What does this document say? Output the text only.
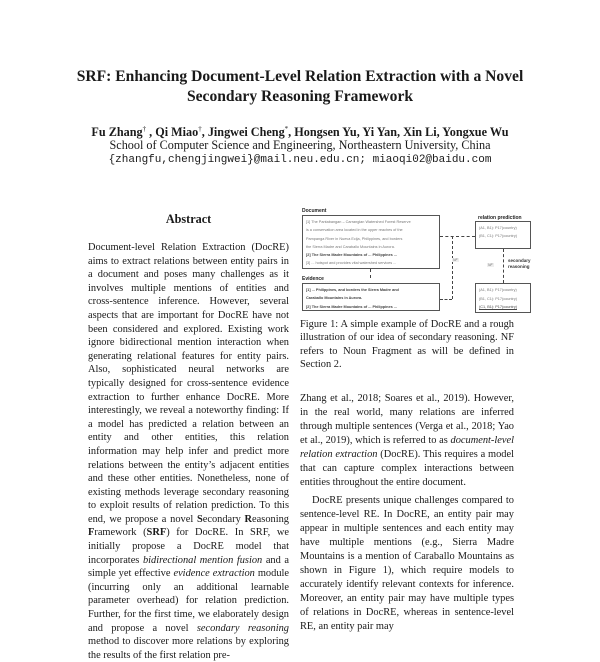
SRF: Enhancing Document-Level Relation Extraction with a Novel
Secondary Reasoning Framework
Fu Zhang† , Qi Miao†, Jingwei Cheng*, Hongsen Yu, Yi Yan, Xin Li, Yongxue Wu
School of Computer Science and Engineering, Northeastern University, China
{zhangfu,chengjingwei}@mail.neu.edu.cn; miaoqi02@baidu.com
Abstract
Document-level Relation Extraction (DocRE) aims to extract relations between entity pairs in a document and poses many challenges as it involves multiple mentions of entities and cross-sentence inference. However, several aspects that are important for DocRE have not been considered and explored. Existing work ignore bidirectional mention interaction when generating relational features for entity pairs. Also, sophisticated neural networks are typically designed for cross-sentence evidence extraction to further enhance DocRE. More interestingly, we reveal a noteworthy finding: If a model has predicted a relation between an entity and other entities, this relation information may help infer and predict more relations between the entity’s adjacent entities and these other entities. Nonetheless, none of existing methods leverage secondary reasoning to exploit results of relation prediction. To this end, we propose a novel Secondary Reasoning Framework (SRF) for DocRE. In SRF, we initially propose a DocRE model that incorporates bidirectional mention fusion and a simple yet effective evidence extraction module (incurring only an additional learnable parameter overhead) for relation prediction. Further, for the first time, we elaborately design and propose a novel secondary reasoning method to discover more relations by exploring the results of the first relation pre-
Document
[1] The Pantabangan – Carranglan Watershed Forest Reserve
is a conservation area located in the upper reaches of the
Pampanga River in Nueva Ecija, Philippines, and borders
the Sierra Madre and Caraballo Mountains in Aurora.
[2] The Sierra Madre Mountains of ... Philippines ...
[3] ... hotspot and provides vital watershed services ...
Evidence
[1] ... Philippines, and borders the Sierra Madre and
Caraballo Mountains in Aurora.
[2] The Sierra Madre Mountains of ... Philippines ...
NF
relation prediction
(A1, B1): P17(country)
(B1, C1): P17(country)
NF
secondary
reasoning
(A1, B1): P17(country)
(B1, C1): P17(country)
(C1, B1): P17(country)
Figure 1: A simple example of DocRE and a rough illustration of our idea of secondary reasoning. NF refers to Noun Fragment as will be defined in Section 2.
Zhang et al., 2018; Soares et al., 2019). However, in the real world, many relations are inferred through multiple sentences (Verga et al., 2018; Yao et al., 2019), which is referred to as document-level relation extraction (DocRE). This requires a model that can capture complex interactions between entities throughout the entire document.
DocRE presents unique challenges compared to sentence-level RE. In DocRE, an entity pair may appear in multiple sentences and each entity may have multiple mentions (e.g., Sierra Madre Mountains is a mention of Caraballo Mountains as shown in Figure 1), which require models to accurately identify relevant contexts for inference. Moreover, an entity pair may have multiple types of relations in DocRE, whereas in sentence-level RE, an entity pair may
